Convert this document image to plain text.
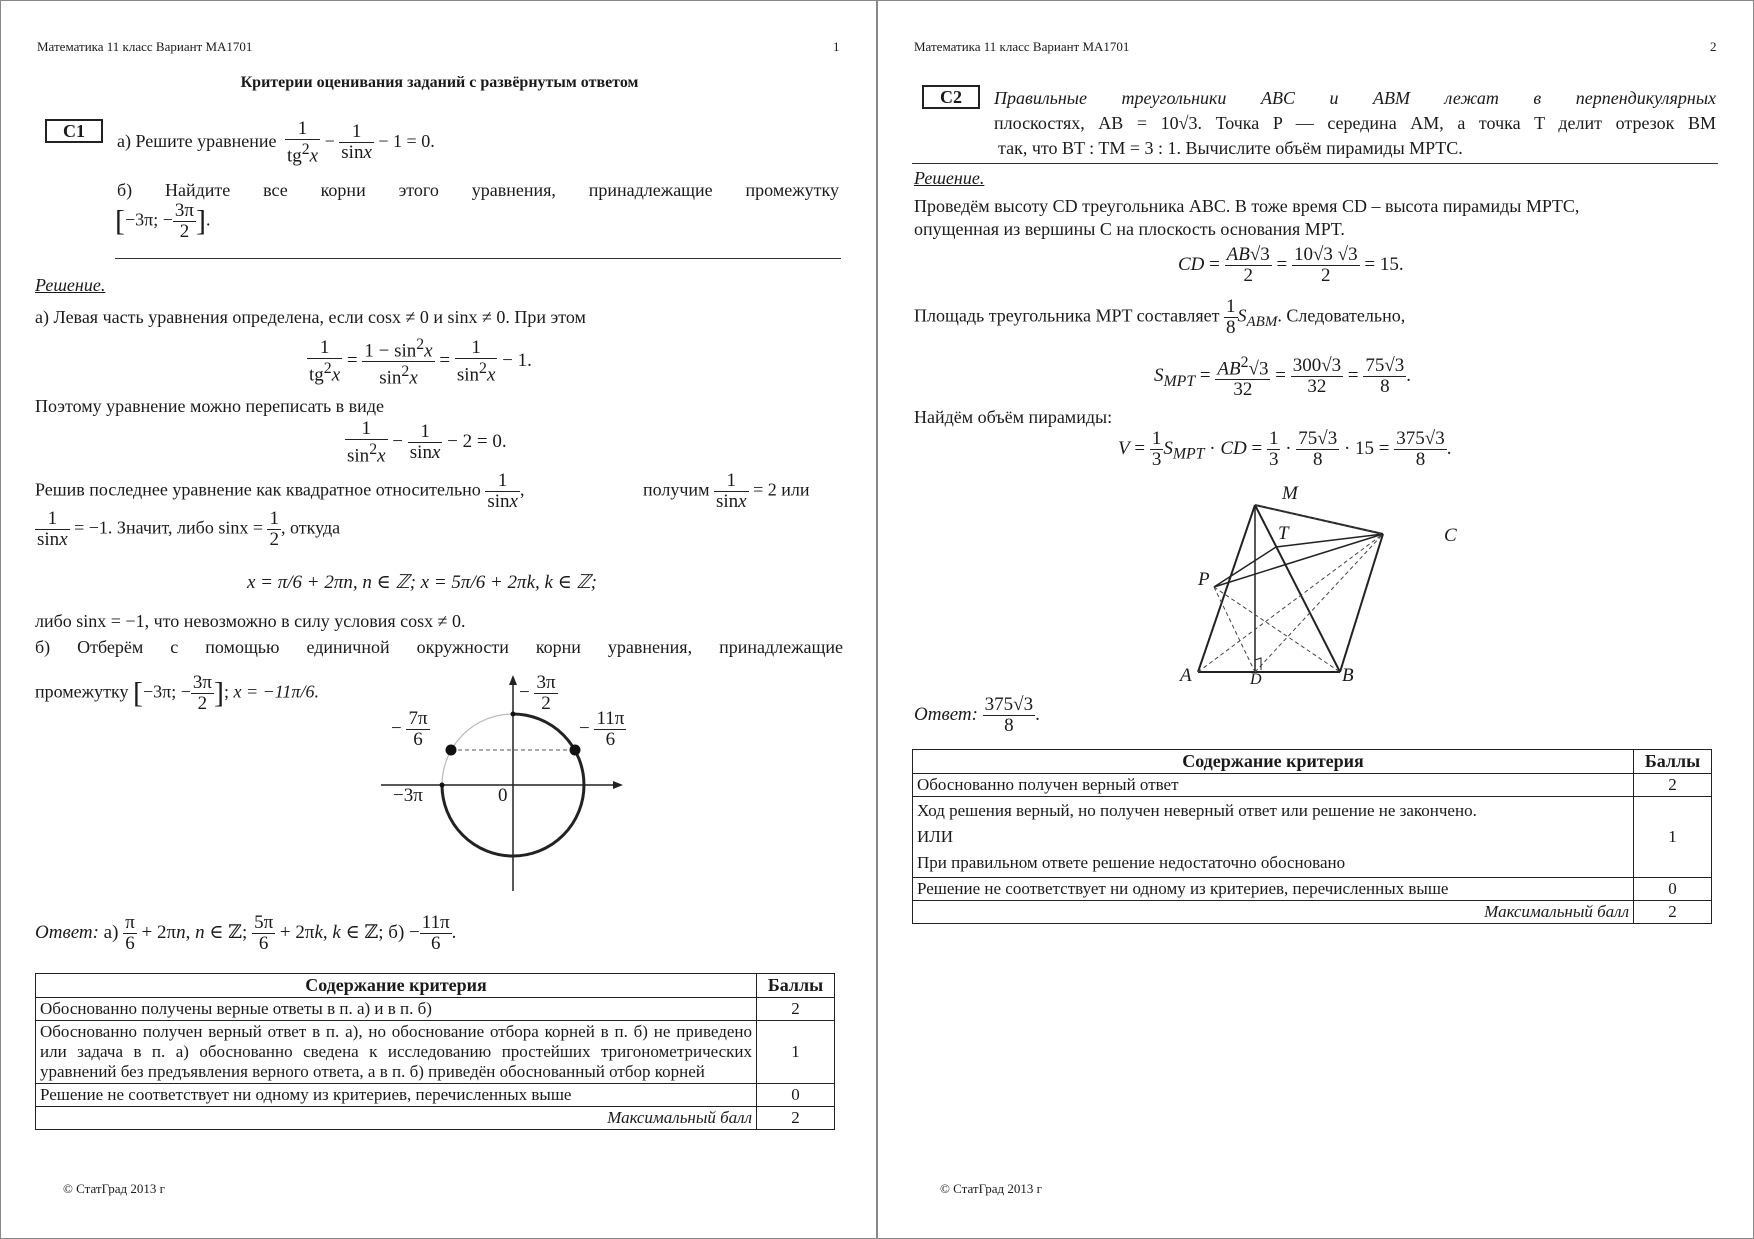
Математика 11 класс Вариант МА1701	1
Критерии оценивания заданий с развёрнутым ответом
С1	а) Решите уравнение $\frac{1}{tg^2x} - \frac{1}{\sin x} - 1 = 0$.
б) Найдите все корни этого уравнения, принадлежащие промежутку
[−3π; − $\frac{3\pi}{2}$ ].
Решение.
а) Левая часть уравнения определена, если cosx ≠ 0 и sinx ≠ 0. При этом
$\frac{1}{tg^2x} = \frac{1 - \sin^2x}{\sin^2x} = \frac{1}{\sin^2x} - 1$.
Поэтому уравнение можно переписать в виде
$\frac{1}{\sin^2x} - \frac{1}{\sin x} - 2 = 0$.
Решив последнее уравнение как квадратное относительно $\frac{1}{\sin x}$ ,	получим $\frac{1}{\sin x} = 2$ или
$\frac{1}{\sin x} = -1$. Значит, либо $\sin x = \frac{1}{2}$ , откуда
x = π/6 + 2πn, n ∈ ℤ; x = 5π/6 + 2πk, k ∈ ℤ;
либо sinx = −1, что невозможно в силу условия cosx ≠ 0.
б) Отберём с помощью единичной окружности корни уравнения, принадлежащие
промежутку [−3π; − $\frac{3\pi}{2}$ ]; x = −11π/6.	− $\frac{3\pi}{2}$
− $\frac{7\pi}{6}$	− $\frac{11\pi}{6}$
−3π	0
Ответ: $а) \frac{\pi}{6} + 2\pi n$, n ∈ ℤ; $\frac{5\pi}{6} + 2\pi k$, k ∈ ℤ; $б) - \frac{11\pi}{6}$ .
Содержание критерия	Баллы
Обоснованно получены верные ответы в п. а) и в п. б)	2
Обоснованно получен верный ответ в п. а), но обоснование отбора корней в п. б) не приведено или задача в п. а) обоснованно сведена к исследованию простейших тригонометрических уравнений без предъявления верного ответа, а в п. б) приведён обоснованный отбор корней	1
Решение не соответствует ни одному из критериев, перечисленных выше	0
Максимальный балл	2
© СтатГрад 2013 г
Математика 11 класс Вариант МА1701	2
С2	Правильные треугольники ABC и ABM лежат в перпендикулярных
плоскостях, AB = 10√3. Точка P — середина AM, а точка T делит отрезок BM
так, что BT : TM = 3 : 1. Вычислите объём пирамиды MPTC.
Решение.
Проведём высоту CD треугольника ABC. В тоже время CD – высота пирамиды MPTC,
опущенная из вершины C на плоскость основания MPT.
CD = $\frac{AB√3}{2} = \frac{10√3 √3}{2} = 15$.
Площадь треугольника MPT составляет $\frac{1}{8} S_{ABM}$. Следовательно,
$S_{MPT} = \frac{AB^2√3}{32} = \frac{300√3}{32} = \frac{75√3}{8}$ .
Найдём объём пирамиды:
$V = \frac{1}{3} S_{MPT}$ · CD = $\frac{1}{3} \cdot \frac{75√3}{8} \cdot 15 = \frac{375√3}{8}$ .
M
T	C
P
A	D	B
Ответ: $\frac{375√3}{8}$ .
Содержание критерия	Баллы
Обоснованно получен верный ответ	2

Ход решения верный, но получен неверный ответ или решение не закончено.
ИЛИ
При правильном ответе решение недостаточно обосновано	1
Решение не соответствует ни одному из критериев, перечисленных выше	0
Максимальный балл	2
© СтатГрад 2013 г
